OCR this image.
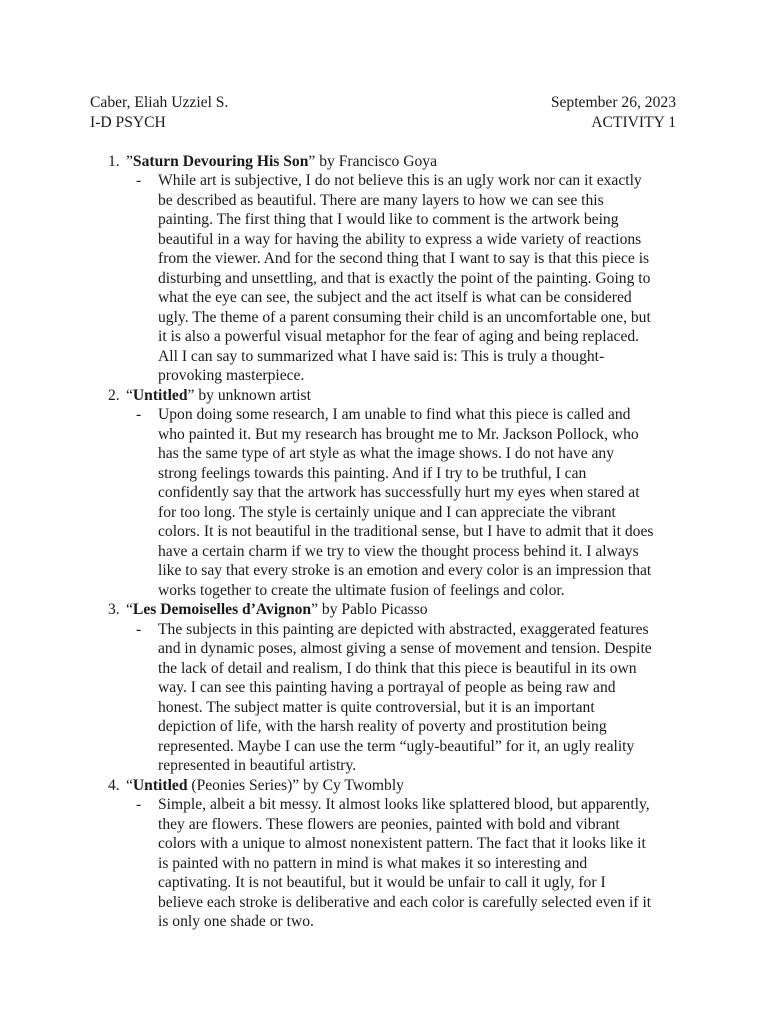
Caber, Eliah Uzziel S.	September 26, 2023
I-D PSYCH	ACTIVITY 1
1. ”Saturn Devouring His Son” by Francisco Goya
- While art is subjective, I do not believe this is an ugly work nor can it exactly
be described as beautiful. There are many layers to how we can see this
painting. The first thing that I would like to comment is the artwork being
beautiful in a way for having the ability to express a wide variety of reactions
from the viewer. And for the second thing that I want to say is that this piece is
disturbing and unsettling, and that is exactly the point of the painting. Going to
what the eye can see, the subject and the act itself is what can be considered
ugly. The theme of a parent consuming their child is an uncomfortable one, but
it is also a powerful visual metaphor for the fear of aging and being replaced.
All I can say to summarized what I have said is: This is truly a thought-
provoking masterpiece.
2. “Untitled” by unknown artist
- Upon doing some research, I am unable to find what this piece is called and
who painted it. But my research has brought me to Mr. Jackson Pollock, who
has the same type of art style as what the image shows. I do not have any
strong feelings towards this painting. And if I try to be truthful, I can
confidently say that the artwork has successfully hurt my eyes when stared at
for too long. The style is certainly unique and I can appreciate the vibrant
colors. It is not beautiful in the traditional sense, but I have to admit that it does
have a certain charm if we try to view the thought process behind it. I always
like to say that every stroke is an emotion and every color is an impression that
works together to create the ultimate fusion of feelings and color.
3. “Les Demoiselles d’Avignon” by Pablo Picasso
- The subjects in this painting are depicted with abstracted, exaggerated features
and in dynamic poses, almost giving a sense of movement and tension. Despite
the lack of detail and realism, I do think that this piece is beautiful in its own
way. I can see this painting having a portrayal of people as being raw and
honest. The subject matter is quite controversial, but it is an important
depiction of life, with the harsh reality of poverty and prostitution being
represented. Maybe I can use the term “ugly-beautiful” for it, an ugly reality
represented in beautiful artistry.
4. “Untitled (Peonies Series)” by Cy Twombly
- Simple, albeit a bit messy. It almost looks like splattered blood, but apparently,
they are flowers. These flowers are peonies, painted with bold and vibrant
colors with a unique to almost nonexistent pattern. The fact that it looks like it
is painted with no pattern in mind is what makes it so interesting and
captivating. It is not beautiful, but it would be unfair to call it ugly, for I
believe each stroke is deliberative and each color is carefully selected even if it
is only one shade or two.
